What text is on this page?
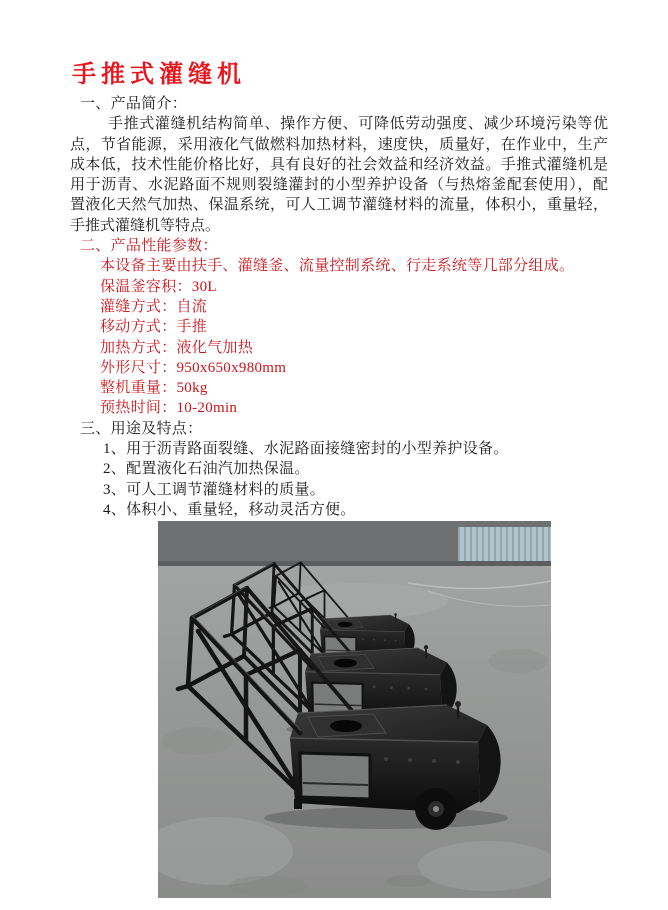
手推式灌缝机
一、产品简介：
手推式灌缝机结构简单、操作方便、可降低劳动强度、减少环境污染等优
点，节省能源，采用液化气做燃料加热材料，速度快，质量好，在作业中，生产
成本低，技术性能价格比好，具有良好的社会效益和经济效益。手推式灌缝机是
用于沥青、水泥路面不规则裂缝灌封的小型养护设备（与热熔釜配套使用），配
置液化天然气加热、保温系统，可人工调节灌缝材料的流量，体积小，重量轻，
手推式灌缝机等特点。
二、产品性能参数：
本设备主要由扶手、灌缝釜、流量控制系统、行走系统等几部分组成。
保温釜容积：30L
灌缝方式：自流
移动方式：手推
加热方式：液化气加热
外形尺寸：950x650x980mm
整机重量：50kg
预热时间：10-20min
三、用途及特点：
1、用于沥青路面裂缝、水泥路面接缝密封的小型养护设备。
2、配置液化石油汽加热保温。
3、可人工调节灌缝材料的质量。
4、体积小、重量轻，移动灵活方便。
